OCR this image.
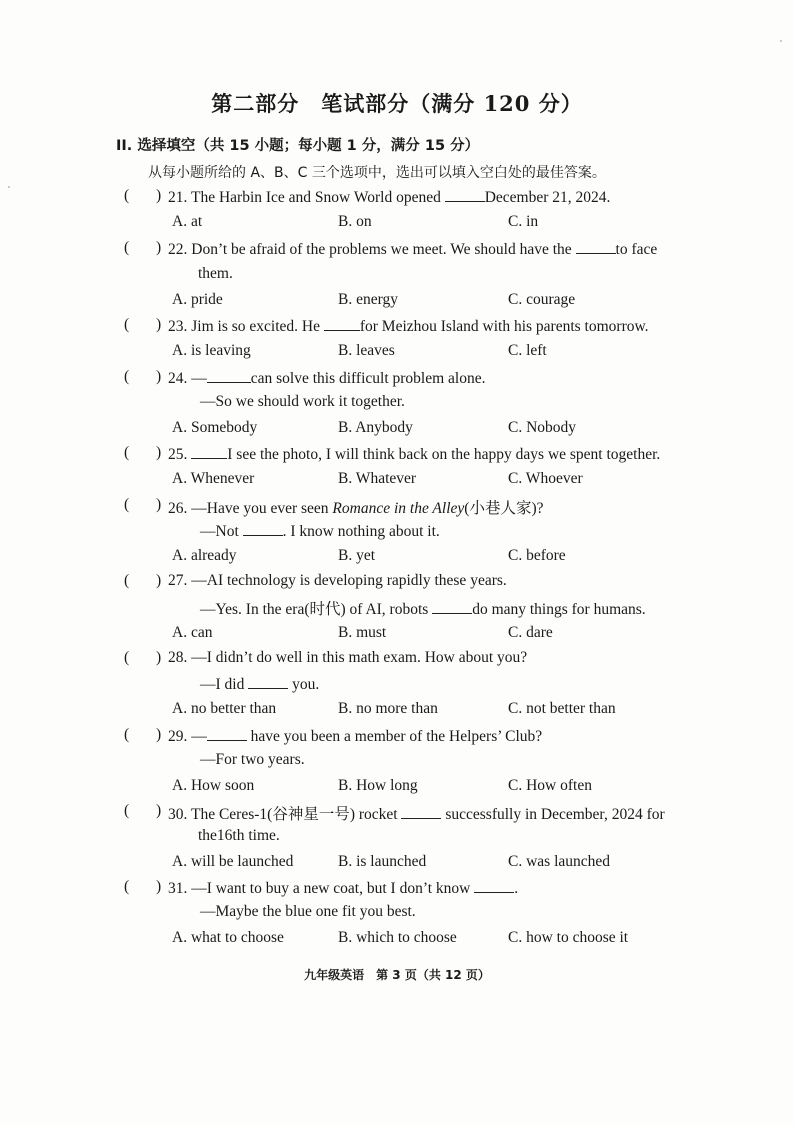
第二部分　笔试部分（满分 120 分）
II. 选择填空（共 15 小题；每小题 1 分，满分 15 分）
从每小题所给的 A、B、C 三个选项中，选出可以填入空白处的最佳答案。
( ) 21. The Harbin Ice and Snow World opened	December 21, 2024.
A. at	B. on	C. in
( ) 22. Don’t be afraid of the problems we meet. We should have the	to face
them.
A. pride	B. energy	C. courage
( ) 23. Jim is so excited. He for Meizhou Island with his parents tomorrow.
A. is leaving	B. leaves	C. left
( ) 24. —	can solve this difficult problem alone.
—So we should work it together.
A. Somebody	B. Anybody	C. Nobody
( ) 25.	I see the photo, I will think back on the happy days we spent together.
A. Whenever	B. Whatever	C. Whoever
( ) 26. —Have you ever seen Romance in the Alley(小巷人家)?
—Not	. I know nothing about it.
A. already	B. yet	C. before
( ) 27. —AI technology is developing rapidly these years.
—Yes. In the era(时代) of AI, robots	do many things for humans.
A. can	B. must	C. dare
( ) 28. —I didn’t do well in this math exam. How about you?
—I did	you.
A. no better than	B. no more than	C. not better than
( ) 29. —	have you been a member of the Helpers’ Club?
—For two years.
A. How soon	B. How long	C. How often
( ) 30. The Ceres-1(谷神星一号) rocket	successfully in December, 2024 for
the16th time.
A. will be launched	B. is launched	C. was launched
( ) 31. —I want to buy a new coat, but I don’t know	.
—Maybe the blue one fit you best.
A. what to choose	B. which to choose	C. how to choose it
九年级英语　第 3 页（共 12 页）
